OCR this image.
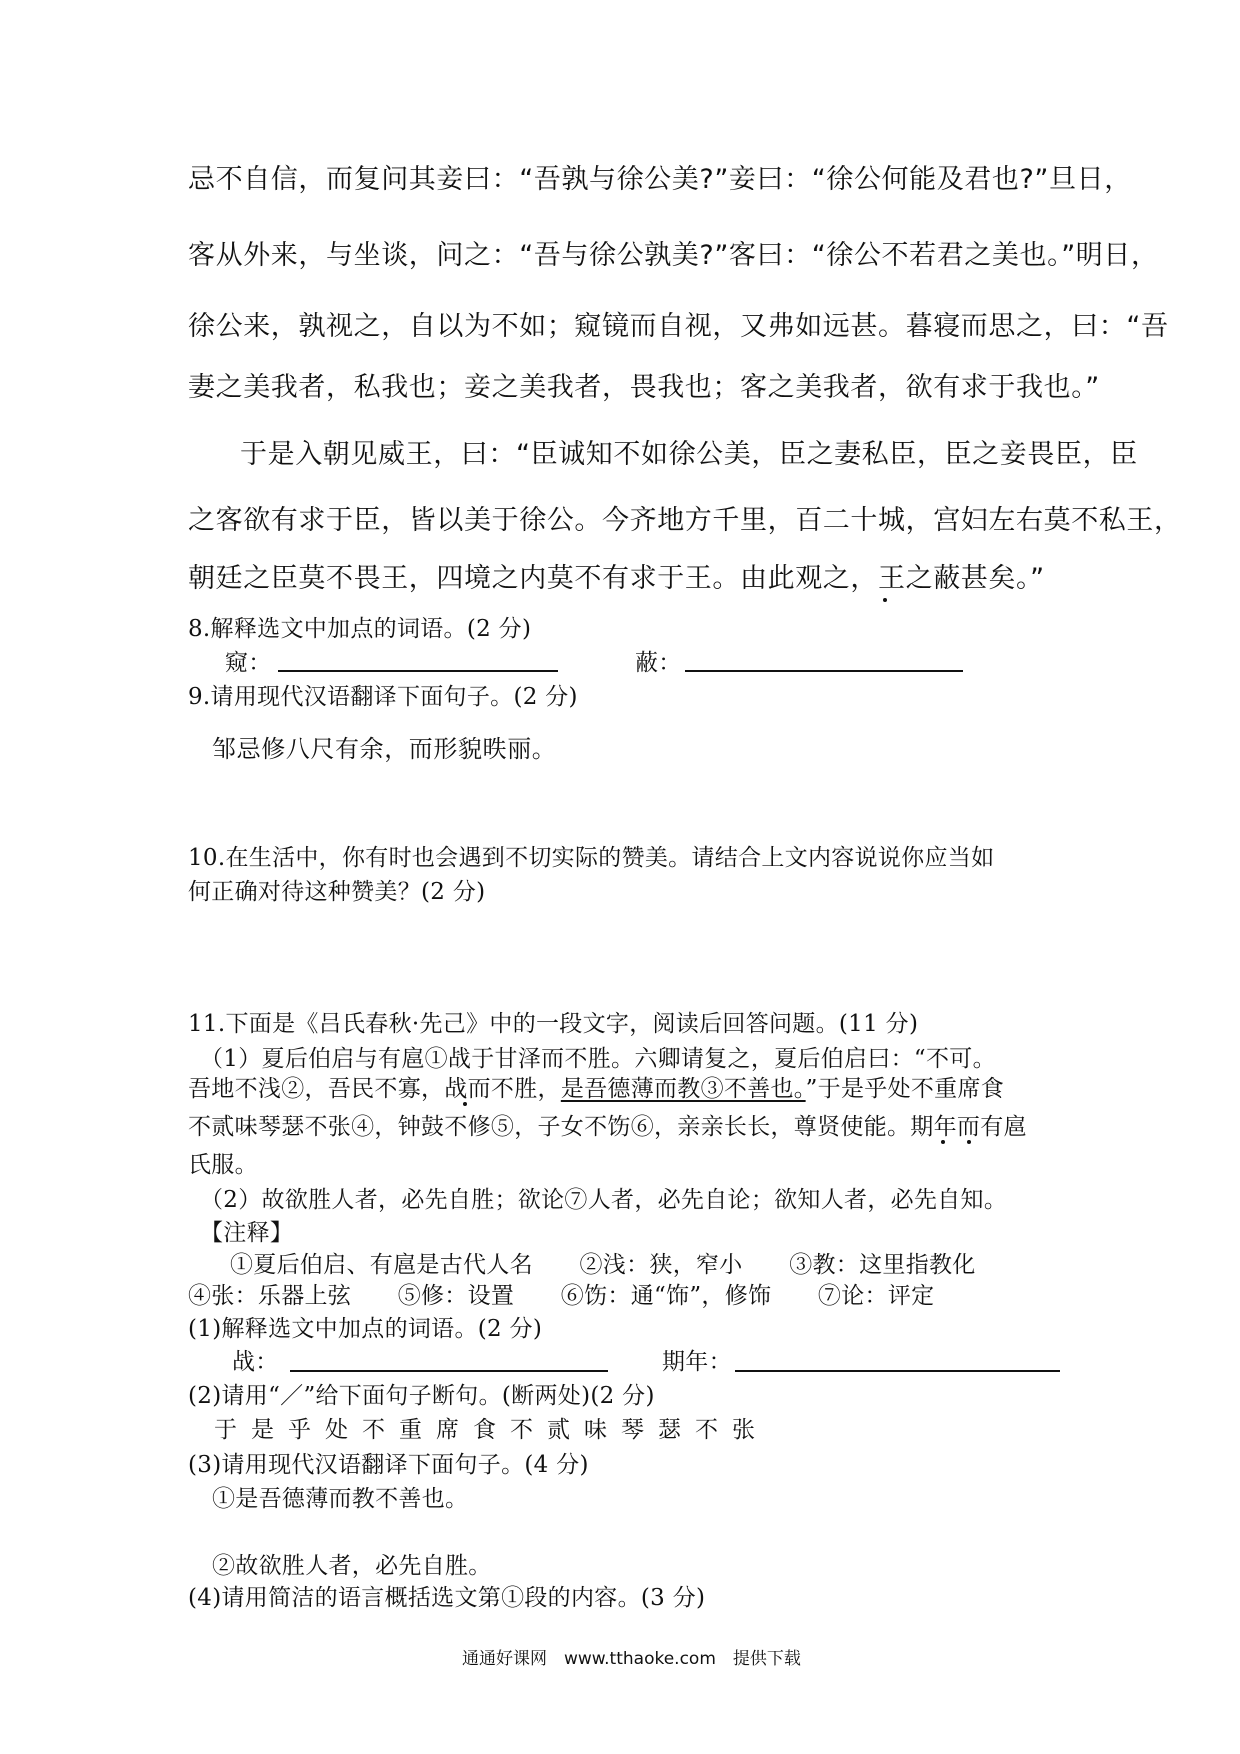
忌不自信，而复问其妾曰：“吾孰与徐公美?”妾曰：“徐公何能及君也?”旦日，
客从外来，与坐谈，问之：“吾与徐公孰美?”客曰：“徐公不若君之美也。”明日，
徐公来，孰视之，自以为不如；窥镜而自视，又弗如远甚。暮寝而思之，曰：“吾
妻之美我者，私我也；妾之美我者，畏我也；客之美我者，欲有求于我也。”
于是入朝见威王，曰：“臣诚知不如徐公美，臣之妻私臣，臣之妾畏臣，臣
之客欲有求于臣，皆以美于徐公。今齐地方千里，百二十城，宫妇左右莫不私王，
朝廷之臣莫不畏王，四境之内莫不有求于王。由此观之，王之蔽甚矣。”
8.解释选文中加点的词语。(2 分)
窥：	蔽：
9.请用现代汉语翻译下面句子。(2 分)
邹忌修八尺有余，而形貌昳丽。
10.在生活中，你有时也会遇到不切实际的赞美。请结合上文内容说说你应当如
何正确对待这种赞美？(2 分)
11.下面是《吕氏春秋·先己》中的一段文字，阅读后回答问题。(11 分)
（1）夏后伯启与有扈①战于甘泽而不胜。六卿请复之，夏后伯启曰：“不可。
吾地不浅②，吾民不寡，战而不胜，是吾德薄而教③不善也。”于是乎处不重席食
不贰味琴瑟不张④，钟鼓不修⑤，子女不饬⑥，亲亲长长，尊贤使能。期年而有扈
氏服。
（2）故欲胜人者，必先自胜；欲论⑦人者，必先自论；欲知人者，必先自知。
【注释】
①夏后伯启、有扈是古代人名　　②浅：狭，窄小　　③教：这里指教化
④张：乐器上弦　　⑤修：设置　　⑥饬：通“饰”，修饰　　⑦论：评定
(1)解释选文中加点的词语。(2 分)
战：	期年：
(2)请用“／”给下面句子断句。(断两处)(2 分)
于是乎处不重席食不贰味琴瑟不张
(3)请用现代汉语翻译下面句子。(4 分)
①是吾德薄而教不善也。
②故欲胜人者，必先自胜。
(4)请用简洁的语言概括选文第①段的内容。(3 分)
通通好课网　www.tthaoke.com　提供下载
